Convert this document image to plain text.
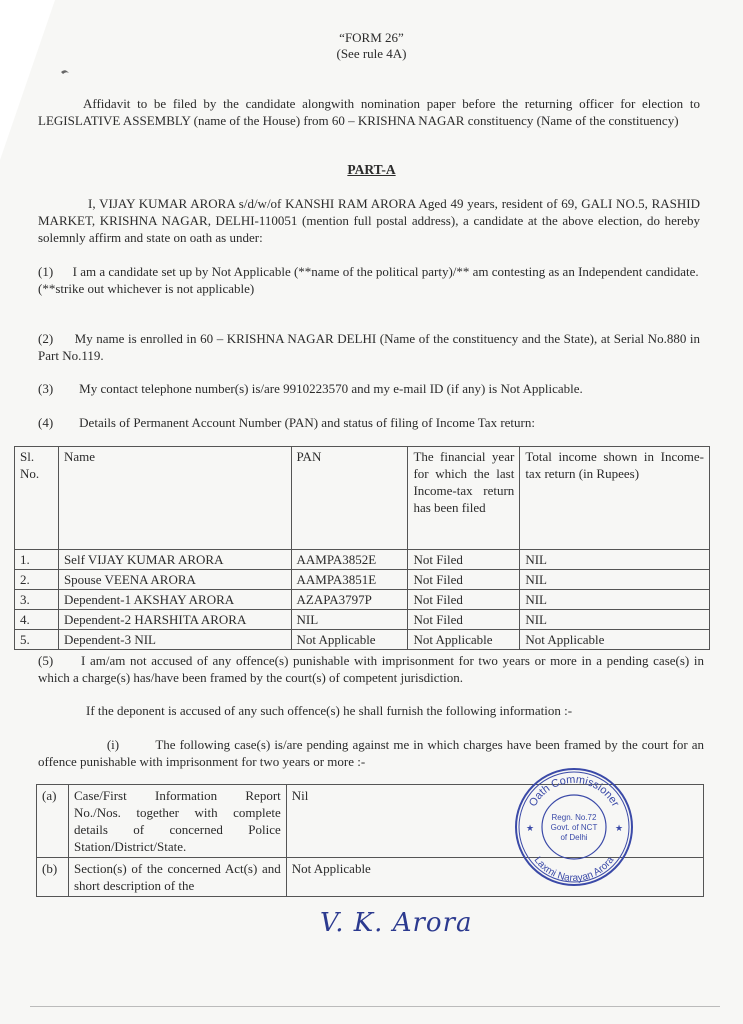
“FORM 26”

(See rule 4A)

Affidavit to be filed by the candidate alongwith nomination paper before the returning officer for election to LEGISLATIVE ASSEMBLY (name of the House) from 60 – KRISHNA NAGAR constituency (Name of the constituency)

PART-A

I, VIJAY KUMAR ARORA s/d/w/of KANSHI RAM ARORA Aged 49 years, resident of 69, GALI NO.5, RASHID MARKET, KRISHNA NAGAR, DELHI-110051 (mention full postal address), a candidate at the above election, do hereby solemnly affirm and state on oath as under:

(1) I am a candidate set up by Not Applicable (**name of the political party)/** am contesting as an Independent candidate.

(**strike out whichever is not applicable)

(2) My name is enrolled in 60 – KRISHNA NAGAR DELHI (Name of the constituency and the State), at Serial No.880 in Part No.119.

(3) My contact telephone number(s) is/are 9910223570 and my e-mail ID (if any) is Not Applicable.

(4) Details of Permanent Account Number (PAN) and status of filing of Income Tax return:

Sl. No.	Name	PAN	The financial year for which the last Income-tax return has been filed	Total income shown in Income-tax return (in Rupees)
1.	Self VIJAY KUMAR ARORA	AAMPA3852E	Not Filed	NIL
2.	Spouse VEENA ARORA	AAMPA3851E	Not Filed	NIL
3.	Dependent-1 AKSHAY ARORA	AZAPA3797P	Not Filed	NIL
4.	Dependent-2 HARSHITA ARORA	NIL	Not Filed	NIL
5.	Dependent-3 NIL	Not Applicable	Not Applicable	Not Applicable

(5) I am/am not accused of any offence(s) punishable with imprisonment for two years or more in a pending case(s) in which a charge(s) has/have been framed by the court(s) of competent jurisdiction.

If the deponent is accused of any such offence(s) he shall furnish the following information :-

(i)	The following case(s) is/are pending against me in which charges have been framed by the court for an offence punishable with imprisonment for two years or more :-

(a)	Case/First Information Report No./Nos. together with complete details of concerned Police Station/District/State.	Nil
(b)	Section(s) of the concerned Act(s) and short description of the	Not Applicable
Oath Commissioner
Laxmi Narayan Arora
Regn. No.72
Govt. of NCT
of Delhi
★	★
V. K. Arora
